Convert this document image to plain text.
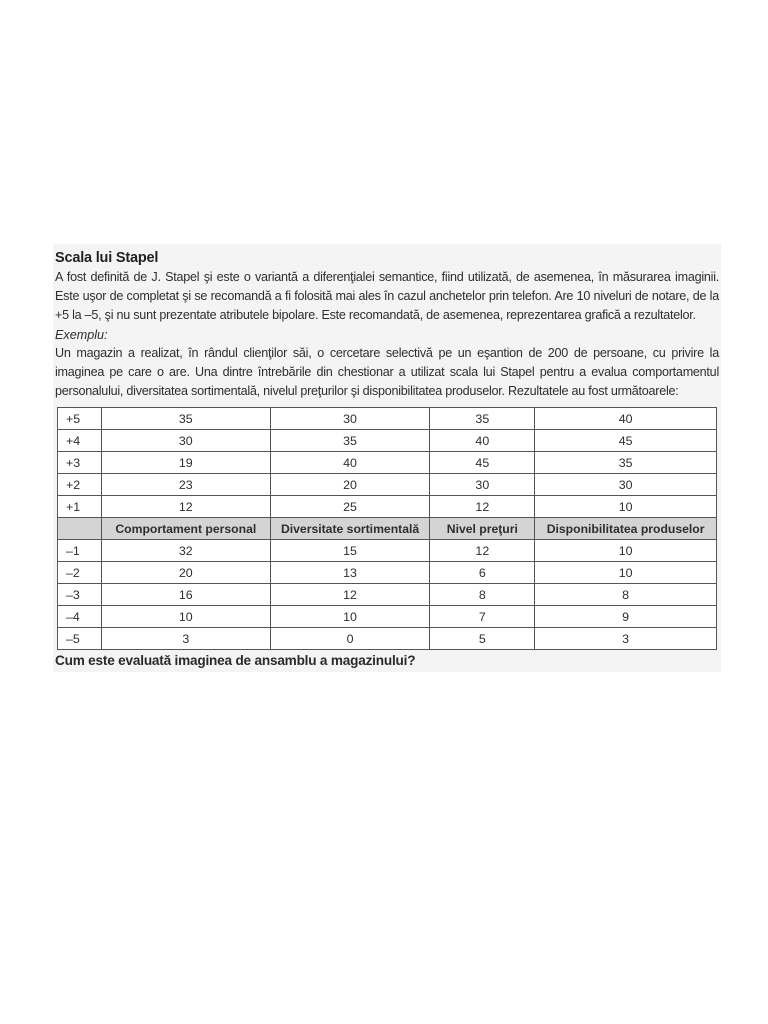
Scala lui Stapel

A fost definită de J. Stapel şi este o variantă a diferenţialei semantice, fiind utilizată, de asemenea, în măsurarea imaginii. Este uşor de completat şi se recomandă a fi folosită mai ales în cazul anchetelor prin telefon. Are 10 niveluri de notare, de la +5 la –5, şi nu sunt prezentate atributele bipolare. Este recomandată, de asemenea, reprezentarea grafică a rezultatelor.

Exemplu:

Un magazin a realizat, în rândul clienţilor săi, o cercetare selectivă pe un eşantion de 200 de persoane, cu privire la imaginea pe care o are. Una dintre întrebările din chestionar a utilizat scala lui Stapel pentru a evalua comportamentul personalului, diversitatea sortimentală, nivelul preţurilor şi disponibilitatea produselor. Rezultatele au fost următoarele:

+5	35	30	35	40
+4	30	35	40	45
+3	19	40	45	35
+2	23	20	30	30
+1	12	25	12	10
	Comportament personal	Diversitate sortimentală	Nivel preţuri	Disponibilitatea produselor
–1	32	15	12	10
–2	20	13	6	10
–3	16	12	8	8
–4	10	10	7	9
–5	3	0	5	3
Cum este evaluată imaginea de ansamblu a magazinului?
